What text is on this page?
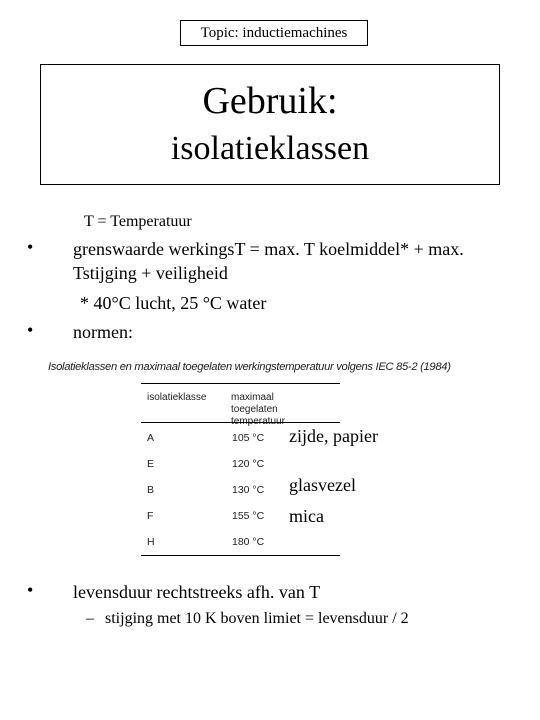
Topic: inductiemachines
Gebruik:
isolatieklassen
T = Temperatuur
• grenswaarde werkingsT = max. T koelmiddel* + max. Tstijging + veiligheid
* 40°C lucht, 25 °C water
• normen:
Isolatieklassen en maximaal toegelaten werkingstemperatuur volgens IEC 85-2 (1984)
isolatieklasse maximaal toegelaten temperatuur
A	105 °C zijde, papier
E	120 °C
B	130 °C glasvezel
F	155 °C mica
H	180 °C
• levensduur rechtstreeks afh. van T
– stijging met 10 K boven limiet = levensduur / 2
